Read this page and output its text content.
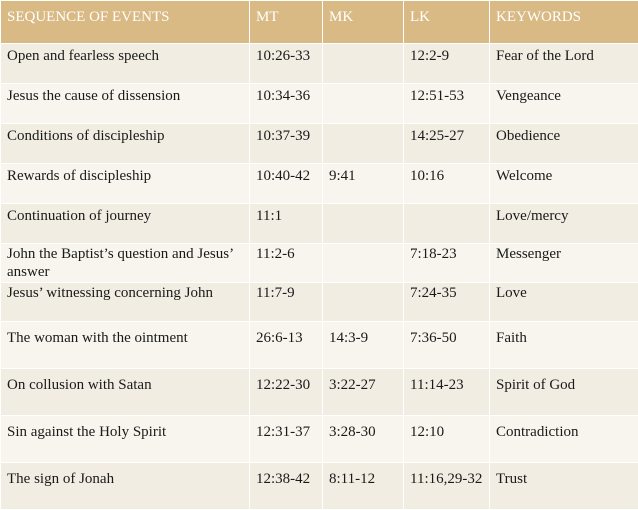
SEQUENCE OF EVENTS	MT	MK	LK	KEYWORDS
Open and fearless speech	10:26-33		12:2-9	Fear of the Lord
Jesus the cause of dissension	10:34-36		12:51-53	Vengeance
Conditions of discipleship	10:37-39		14:25-27	Obedience
Rewards of discipleship	10:40-42	9:41	10:16	Welcome
Continuation of journey	11:1			Love/mercy
John the Baptist’s question and Jesus’ answer	11:2-6		7:18-23	Messenger
Jesus’ witnessing concerning John	11:7-9		7:24-35	Love
The woman with the ointment	26:6-13	14:3-9	7:36-50	Faith
On collusion with Satan	12:22-30	3:22-27	11:14-23	Spirit of God
Sin against the Holy Spirit	12:31-37	3:28-30	12:10	Contradiction
The sign of Jonah	12:38-42	8:11-12	11:16,29-32	Trust
